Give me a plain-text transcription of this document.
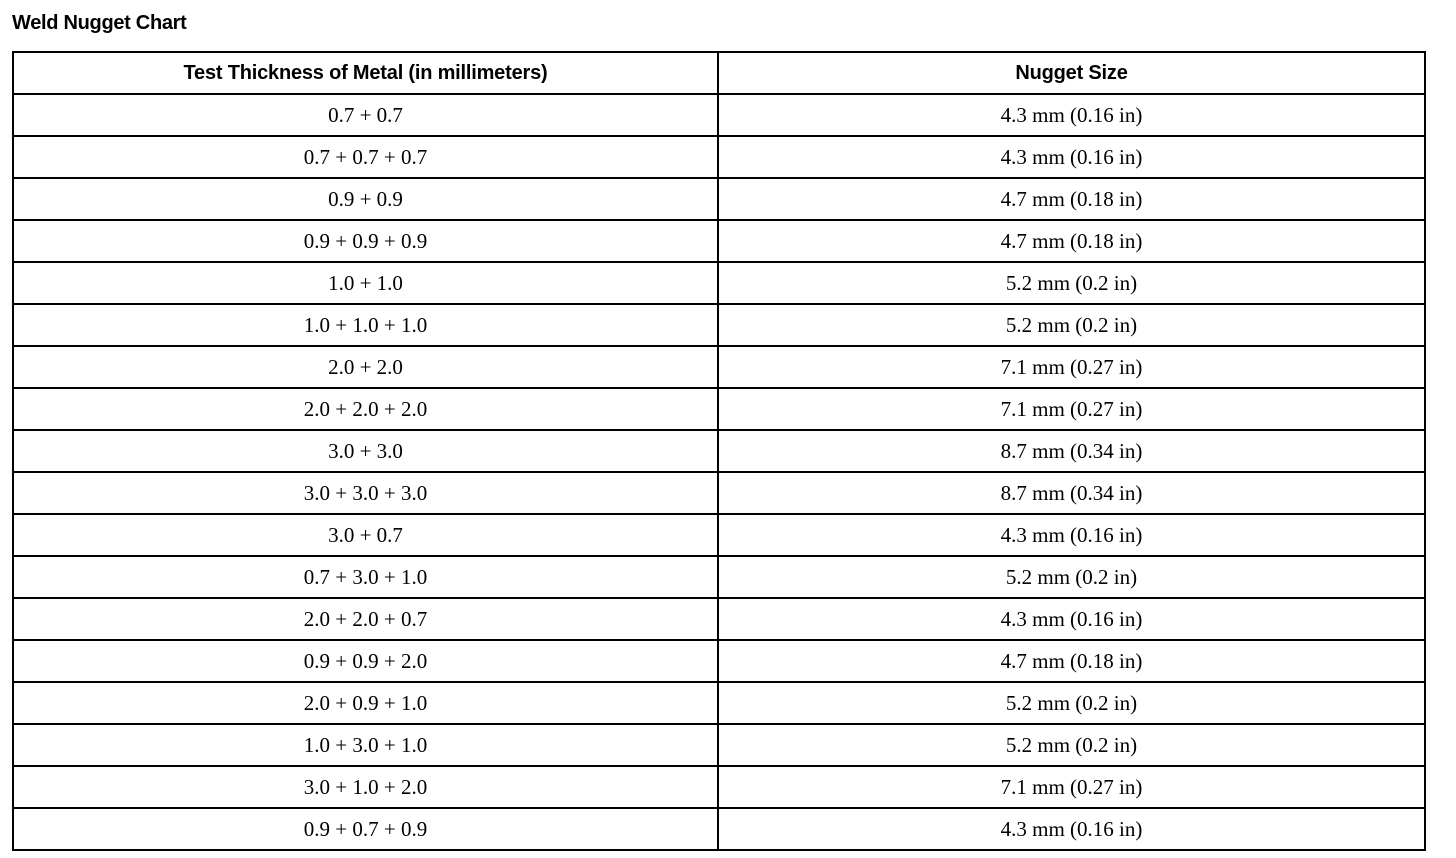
Weld Nugget Chart
Test Thickness of Metal (in millimeters)	Nugget Size
0.7 + 0.7	4.3 mm (0.16 in)
0.7 + 0.7 + 0.7	4.3 mm (0.16 in)
0.9 + 0.9	4.7 mm (0.18 in)
0.9 + 0.9 + 0.9	4.7 mm (0.18 in)
1.0 + 1.0	5.2 mm (0.2 in)
1.0 + 1.0 + 1.0	5.2 mm (0.2 in)
2.0 + 2.0	7.1 mm (0.27 in)
2.0 + 2.0 + 2.0	7.1 mm (0.27 in)
3.0 + 3.0	8.7 mm (0.34 in)
3.0 + 3.0 + 3.0	8.7 mm (0.34 in)
3.0 + 0.7	4.3 mm (0.16 in)
0.7 + 3.0 + 1.0	5.2 mm (0.2 in)
2.0 + 2.0 + 0.7	4.3 mm (0.16 in)
0.9 + 0.9 + 2.0	4.7 mm (0.18 in)
2.0 + 0.9 + 1.0	5.2 mm (0.2 in)
1.0 + 3.0 + 1.0	5.2 mm (0.2 in)
3.0 + 1.0 + 2.0	7.1 mm (0.27 in)
0.9 + 0.7 + 0.9	4.3 mm (0.16 in)
